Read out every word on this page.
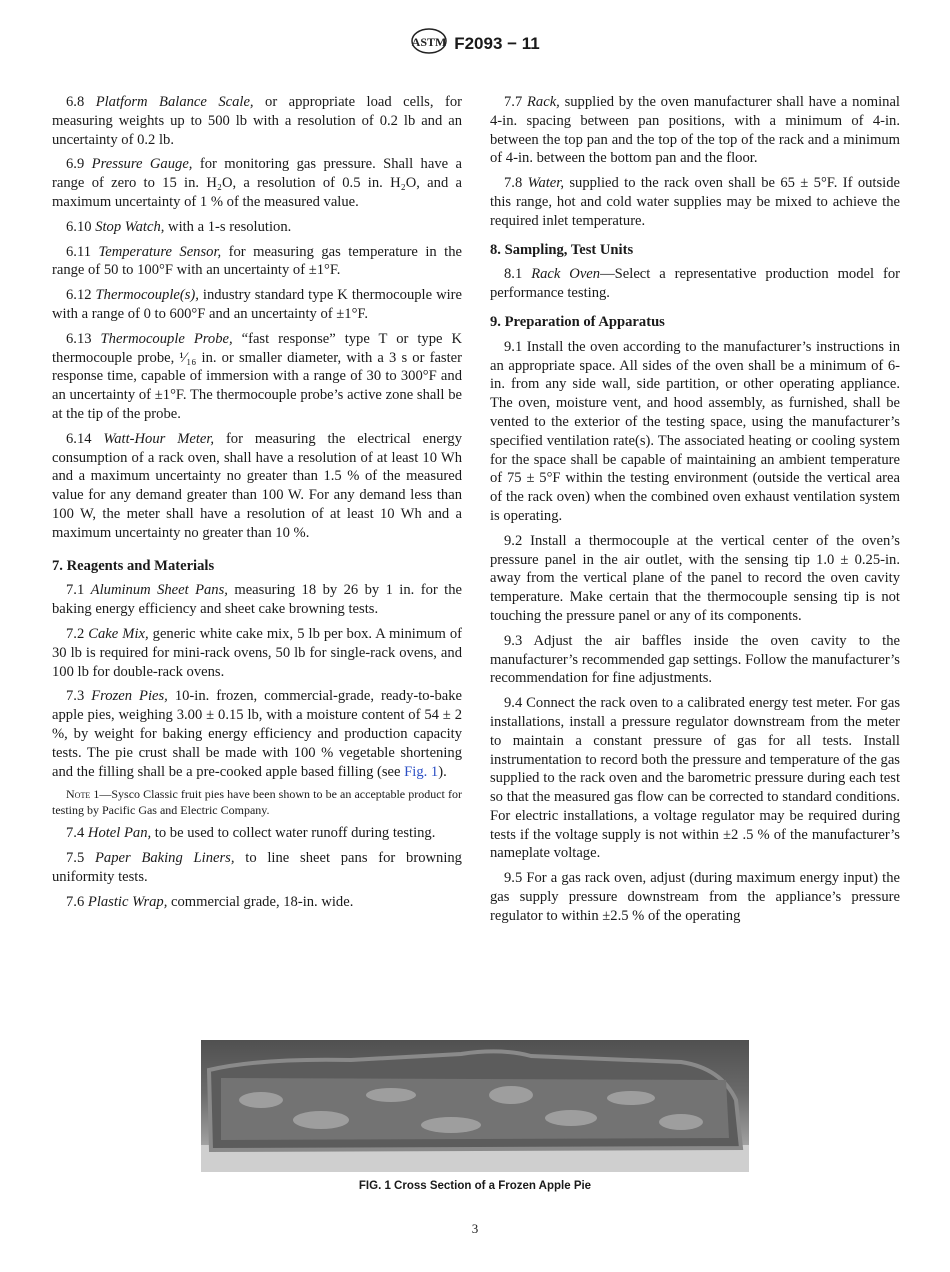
ASTM F2093 − 11

6.8 Platform Balance Scale, or appropriate load cells, for measuring weights up to 500 lb with a resolution of 0.2 lb and an uncertainty of 0.2 lb.

6.9 Pressure Gauge, for monitoring gas pressure. Shall have a range of zero to 15 in. H₂O, a resolution of 0.5 in. H₂O, and a maximum uncertainty of 1 % of the measured value.

6.10 Stop Watch, with a 1-s resolution.

6.11 Temperature Sensor, for measuring gas temperature in the range of 50 to 100°F with an uncertainty of ±1°F.

6.12 Thermocouple(s), industry standard type K thermocouple wire with a range of 0 to 600°F and an uncertainty of ±1°F.

6.13 Thermocouple Probe, “fast response” type T or type K thermocouple probe, ¹⁄₁₆ in. or smaller diameter, with a 3 s or faster response time, capable of immersion with a range of 30 to 300°F and an uncertainty of ±1°F. The thermocouple probe’s active zone shall be at the tip of the probe.

6.14 Watt-Hour Meter, for measuring the electrical energy consumption of a rack oven, shall have a resolution of at least 10 Wh and a maximum uncertainty no greater than 1.5 % of the measured value for any demand greater than 100 W. For any demand less than 100 W, the meter shall have a resolution of at least 10 Wh and a maximum uncertainty no greater than 10 %.

7. Reagents and Materials

7.1 Aluminum Sheet Pans, measuring 18 by 26 by 1 in. for the baking energy efficiency and sheet cake browning tests.

7.2 Cake Mix, generic white cake mix, 5 lb per box. A minimum of 30 lb is required for mini-rack ovens, 50 lb for single-rack ovens, and 100 lb for double-rack ovens.

7.3 Frozen Pies, 10-in. frozen, commercial-grade, ready-to-bake apple pies, weighing 3.00 ± 0.15 lb, with a moisture content of 54 ± 2 %, by weight for baking energy efficiency and production capacity tests. The pie crust shall be made with 100 % vegetable shortening and the filling shall be a pre-cooked apple based filling (see Fig. 1).

Note 1—Sysco Classic fruit pies have been shown to be an acceptable product for testing by Pacific Gas and Electric Company.

7.4 Hotel Pan, to be used to collect water runoff during testing.

7.5 Paper Baking Liners, to line sheet pans for browning uniformity tests.

7.6 Plastic Wrap, commercial grade, 18-in. wide.

7.7 Rack, supplied by the oven manufacturer shall have a nominal 4-in. spacing between pan positions, with a minimum of 4-in. between the top pan and the top of the top of the rack and a minimum of 4-in. between the bottom pan and the floor.

7.8 Water, supplied to the rack oven shall be 65 ± 5°F. If outside this range, hot and cold water supplies may be mixed to achieve the required inlet temperature.

8. Sampling, Test Units

8.1 Rack Oven—Select a representative production model for performance testing.

9. Preparation of Apparatus

9.1 Install the oven according to the manufacturer’s instructions in an appropriate space. All sides of the oven shall be a minimum of 6-in. from any side wall, side partition, or other operating appliance. The oven, moisture vent, and hood assembly, as furnished, shall be vented to the exterior of the testing space, using the manufacturer’s specified ventilation rate(s). The associated heating or cooling system for the space shall be capable of maintaining an ambient temperature of 75 ± 5°F within the testing environment (outside the vertical area of the rack oven) when the combined oven exhaust ventilation system is operating.

9.2 Install a thermocouple at the vertical center of the oven’s pressure panel in the air outlet, with the sensing tip 1.0 ± 0.25-in. away from the vertical plane of the panel to record the oven cavity temperature. Make certain that the thermocouple sensing tip is not touching the pressure panel or any of its components.

9.3 Adjust the air baffles inside the oven cavity to the manufacturer’s recommended gap settings. Follow the manufacturer’s recommendation for fine adjustments.

9.4 Connect the rack oven to a calibrated energy test meter. For gas installations, install a pressure regulator downstream from the meter to maintain a constant pressure of gas for all tests. Install instrumentation to record both the pressure and temperature of the gas supplied to the rack oven and the barometric pressure during each test so that the measured gas flow can be corrected to standard conditions. For electric installations, a voltage regulator may be required during tests if the voltage supply is not within ±2 .5 % of the manufacturer’s nameplate voltage.

9.5 For a gas rack oven, adjust (during maximum energy input) the gas supply pressure downstream from the appliance’s pressure regulator to within ±2.5 % of the operating

FIG. 1 Cross Section of a Frozen Apple Pie
3
